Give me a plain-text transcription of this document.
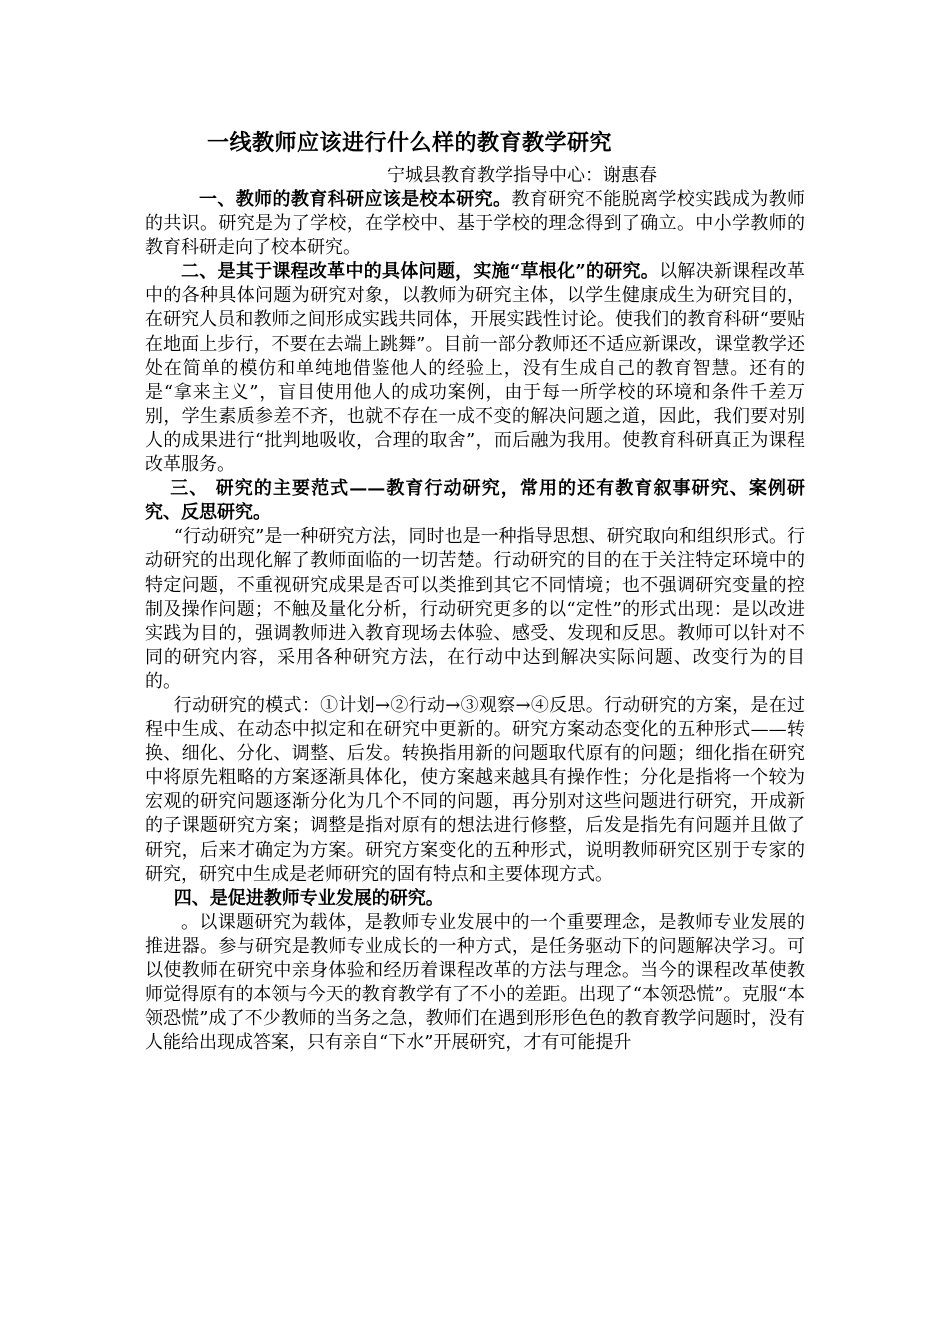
一线教师应该进行什么样的教育教学研究
宁城县教育教学指导中心：谢惠春

一、教师的教育科研应该是校本研究。教育研究不能脱离学校实践成为教师的共识。研究是为了学校，在学校中、基于学校的理念得到了确立。中小学教师的教育科研走向了校本研究。

二、是其于课程改革中的具体问题，实施“草根化”的研究。以解决新课程改革中的各种具体问题为研究对象，以教师为研究主体，以学生健康成生为研究目的，在研究人员和教师之间形成实践共同体，开展实践性讨论。使我们的教育科研“要贴在地面上步行，不要在去端上跳舞”。目前一部分教师还不适应新课改，课堂教学还处在简单的模仿和单纯地借鉴他人的经验上，没有生成自己的教育智慧。还有的是“拿来主义”，盲目使用他人的成功案例，由于每一所学校的环境和条件千差万别，学生素质参差不齐，也就不存在一成不变的解决问题之道，因此，我们要对别人的成果进行“批判地吸收，合理的取舍”，而后融为我用。使教育科研真正为课程改革服务。

三、 研究的主要范式——教育行动研究，常用的还有教育叙事研究、案例研究、反思研究。

“行动研究”是一种研究方法，同时也是一种指导思想、研究取向和组织形式。行动研究的出现化解了教师面临的一切苦楚。行动研究的目的在于关注特定环境中的特定问题，不重视研究成果是否可以类推到其它不同情境；也不强调研究变量的控制及操作问题；不触及量化分析，行动研究更多的以“定性”的形式出现：是以改进实践为目的，强调教师进入教育现场去体验、感受、发现和反思。教师可以针对不同的研究内容，采用各种研究方法，在行动中达到解决实际问题、改变行为的目的。

行动研究的模式：①计划→②行动→③观察→④反思。行动研究的方案，是在过程中生成、在动态中拟定和在研究中更新的。研究方案动态变化的五种形式——转换、细化、分化、调整、后发。转换指用新的问题取代原有的问题；细化指在研究中将原先粗略的方案逐渐具体化，使方案越来越具有操作性；分化是指将一个较为宏观的研究问题逐渐分化为几个不同的问题，再分别对这些问题进行研究，开成新的子课题研究方案；调整是指对原有的想法进行修整，后发是指先有问题并且做了研究，后来才确定为方案。研究方案变化的五种形式，说明教师研究区别于专家的研究，研究中生成是老师研究的固有特点和主要体现方式。

四、是促进教师专业发展的研究。

。以课题研究为载体，是教师专业发展中的一个重要理念，是教师专业发展的推进器。参与研究是教师专业成长的一种方式，是任务驱动下的问题解决学习。可以使教师在研究中亲身体验和经历着课程改革的方法与理念。当今的课程改革使教师觉得原有的本领与今天的教育教学有了不小的差距。出现了“本领恐慌”。克服“本领恐慌”成了不少教师的当务之急，教师们在遇到形形色色的教育教学问题时，没有人能给出现成答案，只有亲自“下水”开展研究，才有可能提升
